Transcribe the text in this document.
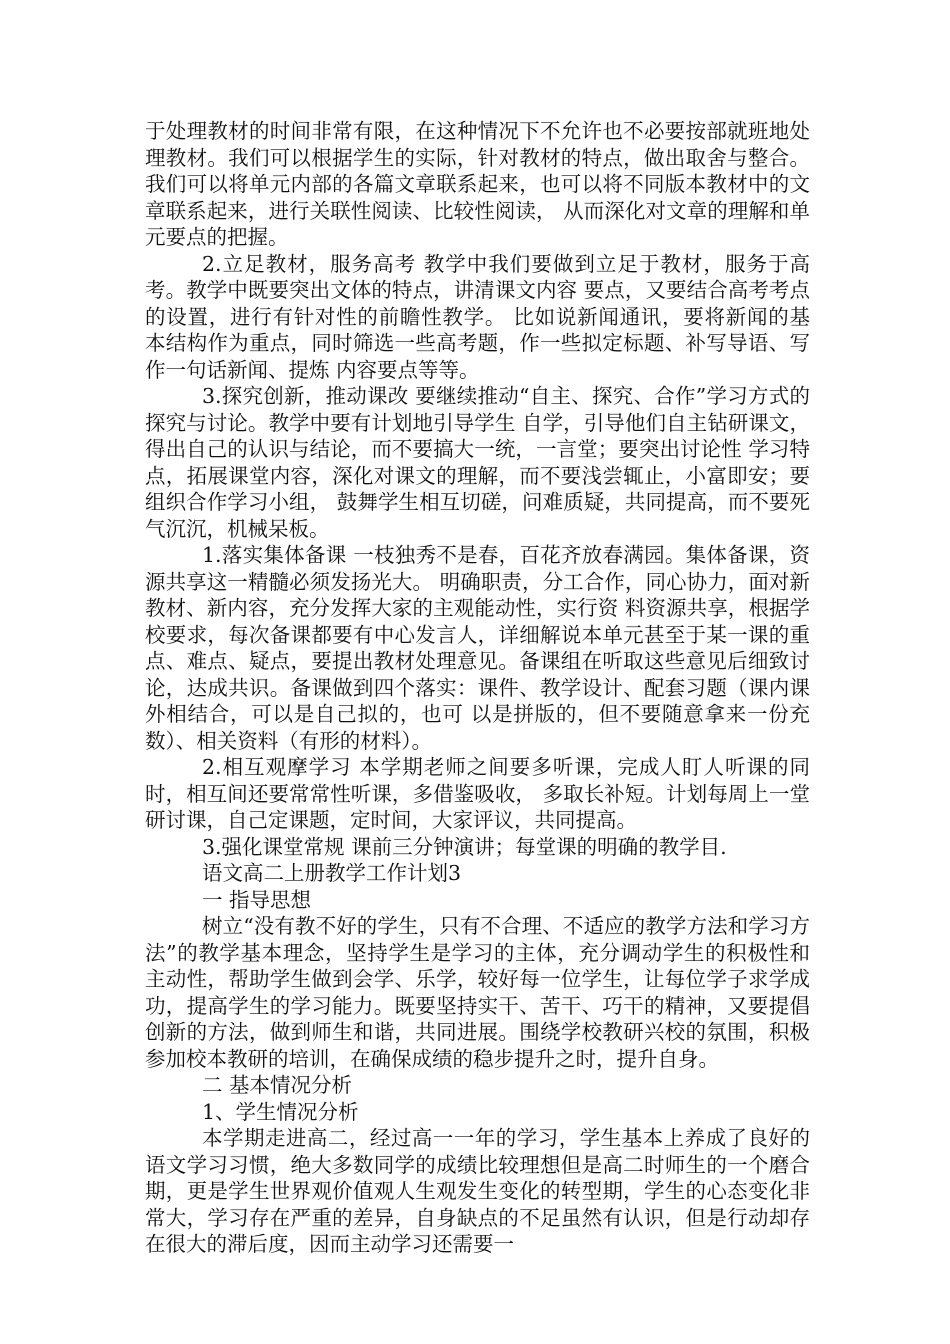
于处理教材的时间非常有限，在这种情况下不允许也不必要按部就班地处理教材。我们可以根据学生的实际，针对教材的特点，做出取舍与整合。我们可以将单元内部的各篇文章联系起来，也可以将不同版本教材中的文章联系起来，进行关联性阅读、比较性阅读， 从而深化对文章的理解和单元要点的把握。

2.立足教材，服务高考 教学中我们要做到立足于教材，服务于高考。教学中既要突出文体的特点，讲清课文内容 要点，又要结合高考考点的设置，进行有针对性的前瞻性教学。 比如说新闻通讯，要将新闻的基 本结构作为重点，同时筛选一些高考题，作一些拟定标题、补写导语、写作一句话新闻、提炼 内容要点等等。

3.探究创新，推动课改 要继续推动“自主、探究、合作”学习方式的探究与讨论。教学中要有计划地引导学生 自学，引导他们自主钻研课文，得出自己的认识与结论，而不要搞大一统，一言堂；要突出讨论性 学习特点，拓展课堂内容，深化对课文的理解，而不要浅尝辄止，小富即安；要组织合作学习小组， 鼓舞学生相互切磋，问难质疑，共同提高，而不要死气沉沉，机械呆板。

1.落实集体备课 一枝独秀不是春，百花齐放春满园。集体备课，资源共享这一精髓必须发扬光大。 明确职责，分工合作，同心协力，面对新教材、新内容，充分发挥大家的主观能动性，实行资 料资源共享，根据学校要求，每次备课都要有中心发言人，详细解说本单元甚至于某一课的重点、难点、疑点，要提出教材处理意见。备课组在听取这些意见后细致讨论，达成共识。备课做到四个落实：课件、教学设计、配套习题（课内课外相结合，可以是自己拟的，也可 以是拼版的，但不要随意拿来一份充数）、相关资料（有形的材料）。

2.相互观摩学习 本学期老师之间要多听课，完成人盯人听课的同时，相互间还要常常性听课，多借鉴吸收， 多取长补短。计划每周上一堂研讨课，自己定课题，定时间，大家评议，共同提高。

3.强化课堂常规 课前三分钟演讲；每堂课的明确的教学目.

语文高二上册教学工作计划3

一 指导思想

树立“没有教不好的学生，只有不合理、不适应的教学方法和学习方法”的教学基本理念，坚持学生是学习的主体，充分调动学生的积极性和主动性，帮助学生做到会学、乐学，较好每一位学生，让每位学子求学成功，提高学生的学习能力。既要坚持实干、苦干、巧干的精神，又要提倡创新的方法，做到师生和谐，共同进展。围绕学校教研兴校的氛围，积极参加校本教研的培训，在确保成绩的稳步提升之时，提升自身。

二 基本情况分析

1、学生情况分析

本学期走进高二，经过高一一年的学习，学生基本上养成了良好的语文学习习惯，绝大多数同学的成绩比较理想但是高二时师生的一个磨合期，更是学生世界观价值观人生观发生变化的转型期，学生的心态变化非常大，学习存在严重的差异，自身缺点的不足虽然有认识，但是行动却存在很大的滞后度，因而主动学习还需要一
